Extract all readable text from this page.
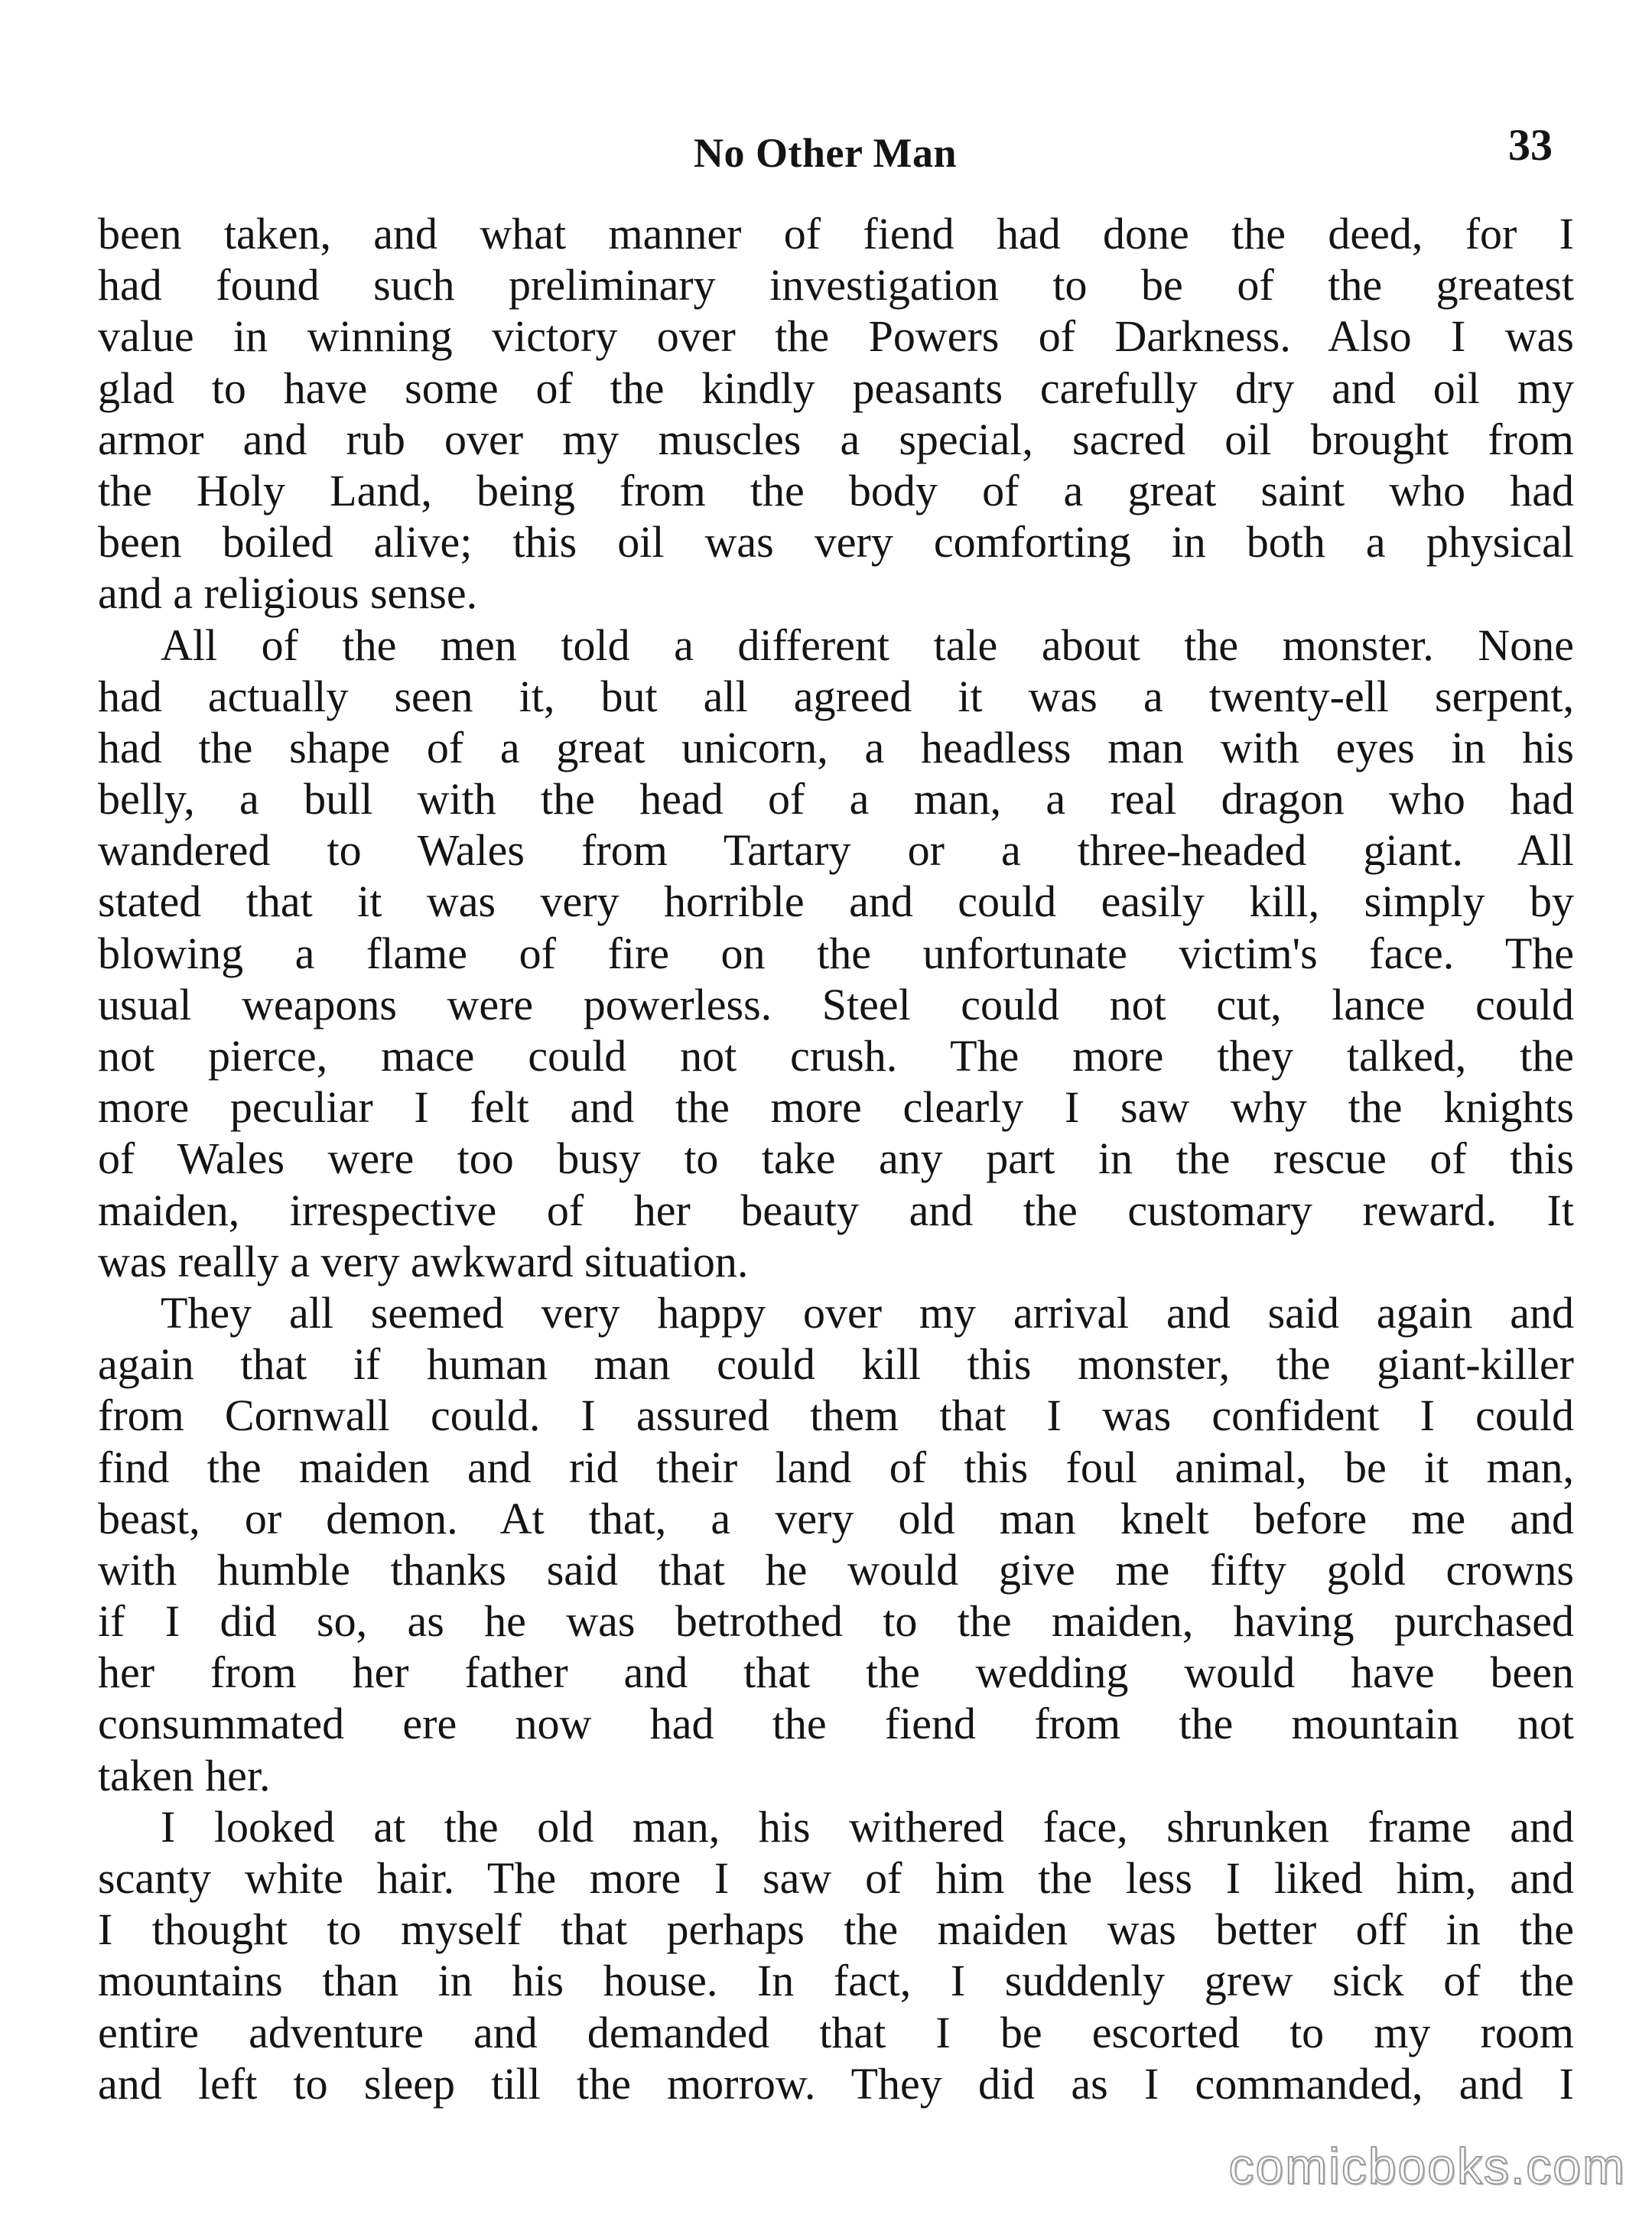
No Other Man	33
been taken, and what manner of fiend had done the deed, for I
had found such preliminary investigation to be of the greatest
value in winning victory over the Powers of Darkness. Also I was
glad to have some of the kindly peasants carefully dry and oil my
armor and rub over my muscles a special, sacred oil brought from
the Holy Land, being from the body of a great saint who had
been boiled alive; this oil was very comforting in both a physical
and a religious sense.
All of the men told a different tale about the monster. None
had actually seen it, but all agreed it was a twenty-ell serpent,
had the shape of a great unicorn, a headless man with eyes in his
belly, a bull with the head of a man, a real dragon who had
wandered to Wales from Tartary or a three-headed giant. All
stated that it was very horrible and could easily kill, simply by
blowing a flame of fire on the unfortunate victim's face. The
usual weapons were powerless. Steel could not cut, lance could
not pierce, mace could not crush. The more they talked, the
more peculiar I felt and the more clearly I saw why the knights
of Wales were too busy to take any part in the rescue of this
maiden, irrespective of her beauty and the customary reward. It
was really a very awkward situation.
They all seemed very happy over my arrival and said again and
again that if human man could kill this monster, the giant-killer
from Cornwall could. I assured them that I was confident I could
find the maiden and rid their land of this foul animal, be it man,
beast, or demon. At that, a very old man knelt before me and
with humble thanks said that he would give me fifty gold crowns
if I did so, as he was betrothed to the maiden, having purchased
her from her father and that the wedding would have been
consummated ere now had the fiend from the mountain not
taken her.
I looked at the old man, his withered face, shrunken frame and
scanty white hair. The more I saw of him the less I liked him, and
I thought to myself that perhaps the maiden was better off in the
mountains than in his house. In fact, I suddenly grew sick of the
entire adventure and demanded that I be escorted to my room
and left to sleep till the morrow. They did as I commanded, and I
comicbooks.com
